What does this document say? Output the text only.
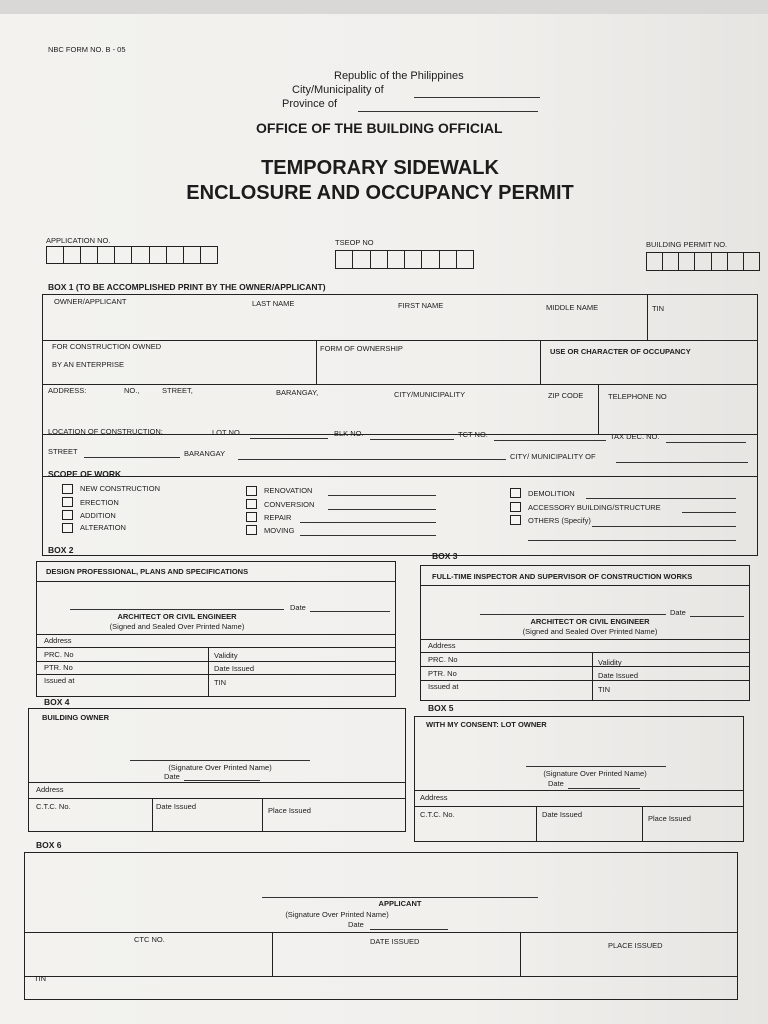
NBC FORM NO. B - 05
Republic of the Philippines
City/Municipality of
Province of
OFFICE OF THE BUILDING OFFICIAL
TEMPORARY SIDEWALK
ENCLOSURE AND OCCUPANCY PERMIT
APPLICATION NO.	TSEOP NO	BUILDING PERMIT NO.
BOX 1 (TO BE ACCOMPLISHED PRINT BY THE OWNER/APPLICANT)
OWNER/APPLICANT	LAST NAME	FIRST NAME	MIDDLE NAME	TIN
FOR CONSTRUCTION OWNED
BY AN ENTERPRISE
FORM OF OWNERSHIP	USE OR CHARACTER OF OCCUPANCY
ADDRESS:	NO.,	STREET,	BARANGAY,	CITY/MUNICIPALITY	ZIP CODE	TELEPHONE NO
LOCATION OF CONSTRUCTION:	LOT NO.	BLK NO.	TCT NO.	TAX DEC. NO.
STREET	BARANGAY	CITY/ MUNICIPALITY OF
SCOPE OF WORK
NEW CONSTRUCTION
ERECTION
ADDITION
ALTERATION
RENOVATION
CONVERSION
REPAIR
MOVING
DEMOLITION
ACCESSORY BUILDING/STRUCTURE
OTHERS (Specify)
BOX 2
DESIGN PROFESSIONAL, PLANS AND SPECIFICATIONS
Date
ARCHITECT OR CIVIL ENGINEER
(Signed and Sealed Over Printed Name)
Address
PRC. No	Validity
PTR. No	Date Issued
Issued at	TIN
BOX 3
FULL-TIME INSPECTOR AND SUPERVISOR OF CONSTRUCTION WORKS
Date
ARCHITECT OR CIVIL ENGINEER
(Signed and Sealed Over Printed Name)
Address
PRC. No	Validity
PTR. No	Date Issued
Issued at	TIN
BOX 4
BUILDING OWNER
(Signature Over Printed Name)
Date
Address
C.T.C. No.	Date Issued	Place Issued
BOX 5
WITH MY CONSENT: LOT OWNER
(Signature Over Printed Name)
Date
Address
C.T.C. No.	Date Issued	Place Issued
BOX 6
APPLICANT
(Signature Over Printed Name)
Date
CTC NO.	DATE ISSUED	PLACE ISSUED
TIN
